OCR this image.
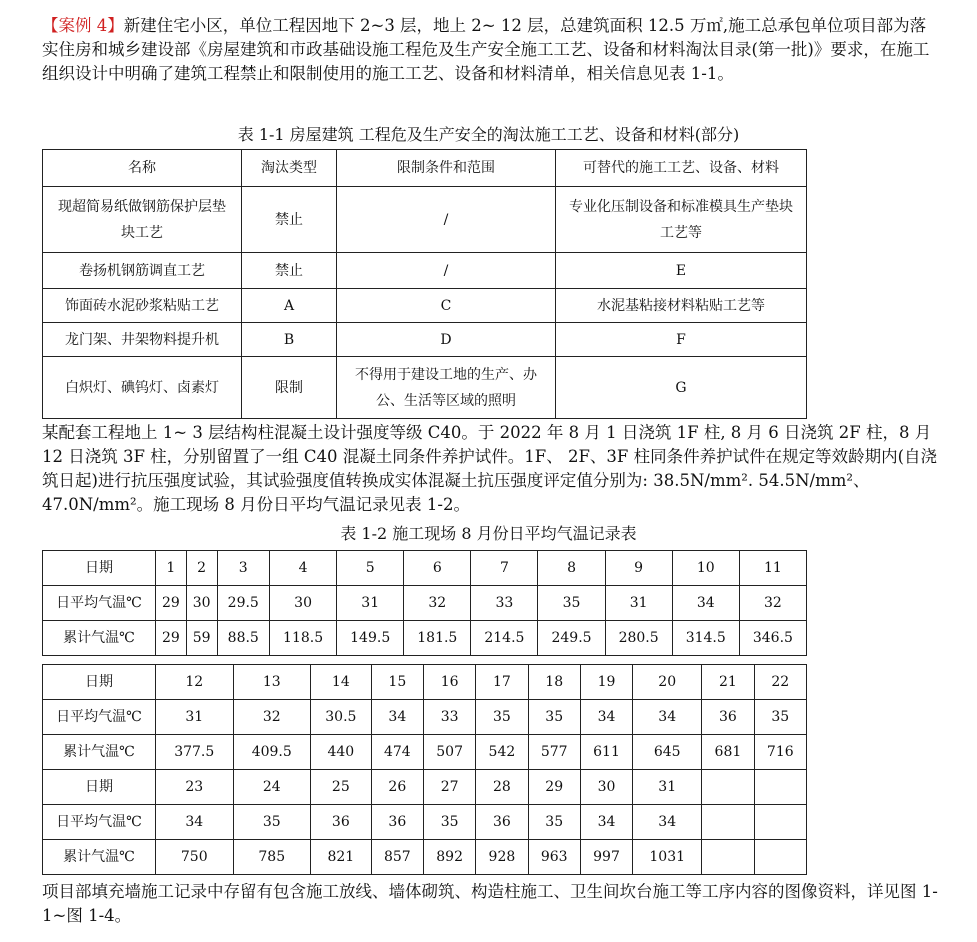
【案例 4】新建住宅小区，单位工程因地下 2~3 层，地上 2~ 12 层，总建筑面积 12.5 万㎡,施工总承包单位项目部为落实住房和城乡建设部《房屋建筑和市政基础设施工程危及生产安全施工工艺、设备和材料淘汰目录(第一批)》要求，在施工组织设计中明确了建筑工程禁止和限制使用的施工工艺、设备和材料清单，相关信息见表 1-1。
表 1-1 房屋建筑 工程危及生产安全的淘汰施工工艺、设备和材料(部分)
名称	淘汰类型	限制条件和范围	可替代的施工工艺、设备、材料

现超简易纸做钢筋保护层垫块工艺	禁止	/	专业化压制设备和标准模具生产垫块工艺等

卷扬机钢筋调直工艺	禁止	/	E
饰面砖水泥砂浆粘贴工艺	A	C	水泥基粘接材料粘贴工艺等
龙门架、井架物料提升机	B	D	F
白炽灯、碘钨灯、卤素灯	限制	不得用于建设工地的生产、办公、生活等区域的照明	G
某配套工程地上 1~ 3 层结构柱混凝土设计强度等级 C40。于 2022 年 8 月 1 日浇筑 1F 柱, 8 月 6 日浇筑 2F 柱，8 月 12 日浇筑 3F 柱，分别留置了一组 C40 混凝土同条件养护试件。1F、 2F、3F 柱同条件养护试件在规定等效龄期内(自浇筑日起)进行抗压强度试验，其试验强度值转换成实体混凝土抗压强度评定值分别为: 38.5N/mm². 54.5N/mm²、47.0N/mm²。施工现场 8 月份日平均气温记录见表 1-2。
表 1-2 施工现场 8 月份日平均气温记录表
日期	1	2	3	4	5	6	7	8	9	10	11
日平均气温℃	29	30	29.5	30	31	32	33	35	31	34	32
累计气温℃	29	59	88.5	118.5	149.5	181.5	214.5	249.5	280.5	314.5	346.5
日期	12	13	14	15	16	17	18	19	20	21	22
日平均气温℃	31	32	30.5	34	33	35	35	34	34	36	35
累计气温℃	377.5	409.5	440	474	507	542	577	611	645	681	716
日期	23	24	25	26	27	28	29	30	31		
日平均气温℃	34	35	36	36	35	36	35	34	34		
累计气温℃	750	785	821	857	892	928	963	997	1031		
项目部填充墙施工记录中存留有包含施工放线、墙体砌筑、构造柱施工、卫生间坎台施工等工序内容的图像资料，详见图 1-1~图 1-4。
